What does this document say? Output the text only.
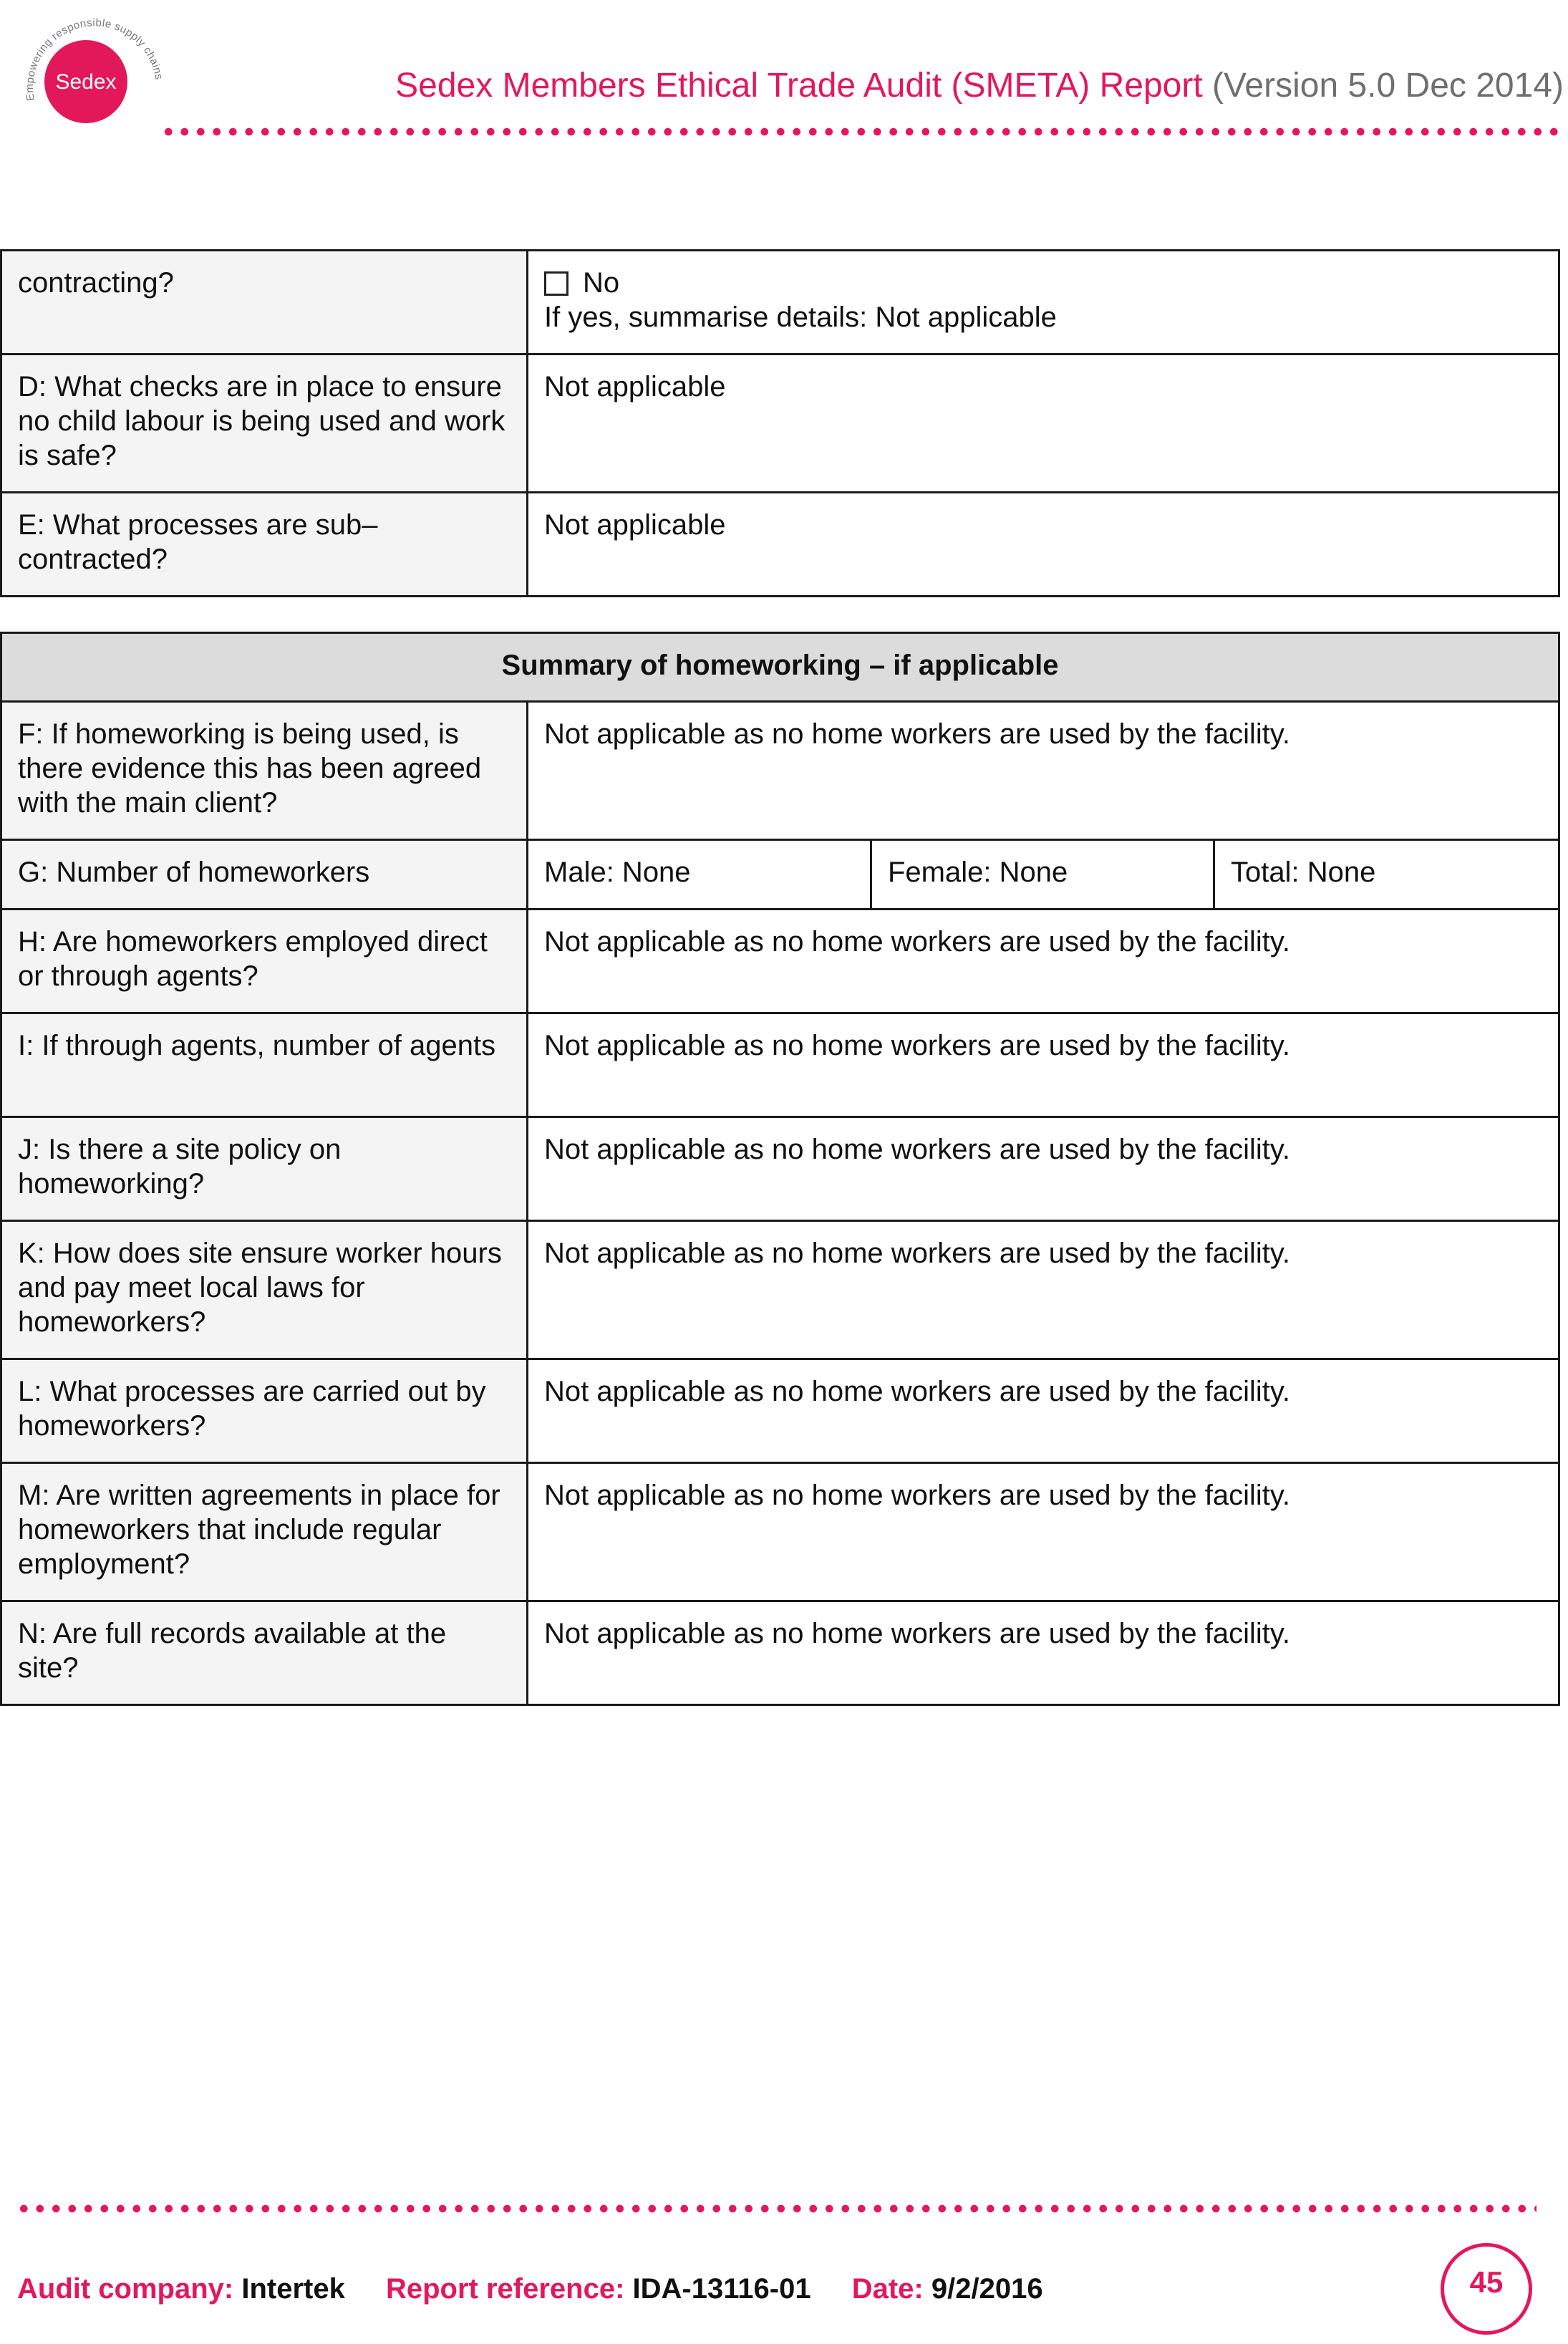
Empowering responsible supply chains
Sedex	Sedex Members Ethical Trade Audit (SMETA) Report (Version 5.0 Dec 2014)
contracting?	No
If yes, summarise details: Not applicable

D: What checks are in place to ensure no child labour is being used and work is safe?	Not applicable
E: What processes are sub–contracted?	Not applicable
Summary of homeworking – if applicable			
F: If homeworking is being used, is there evidence this has been agreed with the main client?	Not applicable as no home workers are used by the facility.		
G: Number of homeworkers	Male: None	Female: None	Total: None
H: Are homeworkers employed direct or through agents?	Not applicable as no home workers are used by the facility.		
I: If through agents, number of agents	Not applicable as no home workers are used by the facility.		
J: Is there a site policy on homeworking?	Not applicable as no home workers are used by the facility.		
K: How does site ensure worker hours and pay meet local laws for homeworkers?	Not applicable as no home workers are used by the facility.		
L: What processes are carried out by homeworkers?	Not applicable as no home workers are used by the facility.		
M: Are written agreements in place for homeworkers that include regular employment?	Not applicable as no home workers are used by the facility.		
N: Are full records available at the site?	Not applicable as no home workers are used by the facility.		
Audit company: Intertek Report reference: IDA-13116-01 Date: 9/2/2016	45
